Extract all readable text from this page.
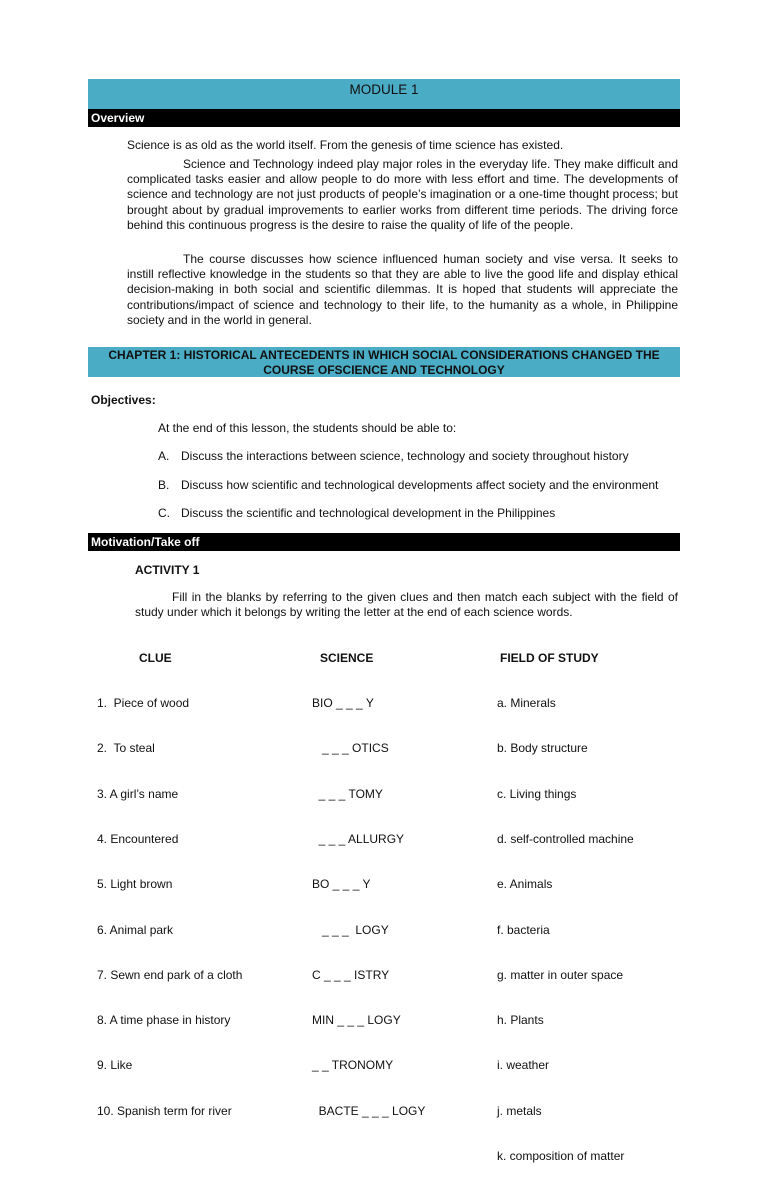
MODULE 1
Overview

Science is as old as the world itself. From the genesis of time science has existed.

Science and Technology indeed play major roles in the everyday life. They make difficult and complicated tasks easier and allow people to do more with less effort and time. The developments of science and technology are not just products of people’s imagination or a one-time thought process; but brought about by gradual improvements to earlier works from different time periods. The driving force behind this continuous progress is the desire to raise the quality of life of the people.

The course discusses how science influenced human society and vise versa. It seeks to instill reflective knowledge in the students so that they are able to live the good life and display ethical decision-making in both social and scientific dilemmas. It is hoped that students will appreciate the contributions/impact of science and technology to their life, to the humanity as a whole, in Philippine society and in the world in general.

CHAPTER 1: HISTORICAL ANTECEDENTS IN WHICH SOCIAL CONSIDERATIONS CHANGED THE
COURSE OFSCIENCE AND TECHNOLOGY
Objectives:
At the end of this lesson, the students should be able to:
A. Discuss the interactions between science, technology and society throughout history
B. Discuss how scientific and technological developments affect society and the environment
C. Discuss the scientific and technological development in the Philippines
Motivation/Take off
ACTIVITY 1

Fill in the blanks by referring to the given clues and then match each subject with the field of study under which it belongs by writing the letter at the end of each science words.

CLUE	SCIENCE	FIELD OF STUDY

1.  Piece of wood

2.  To steal

3. A girl’s name

4. Encountered

5. Light brown

6. Animal park

7. Sewn end park of a cloth

8. A time phase in history

9. Like

10. Spanish term for river

BIO _ _ _ Y

_ _ _ OTICS

_ _ _ TOMY

_ _ _ ALLURGY

BO _ _ _ Y

_ _ _  LOGY

C _ _ _ ISTRY

MIN _ _ _ LOGY

_ _ TRONOMY

BACTE _ _ _ LOGY

a. Minerals

b. Body structure

c. Living things

d. self-controlled machine

e. Animals

f. bacteria

g. matter in outer space

h. Plants

i. weather

j. metals

k. composition of matter
